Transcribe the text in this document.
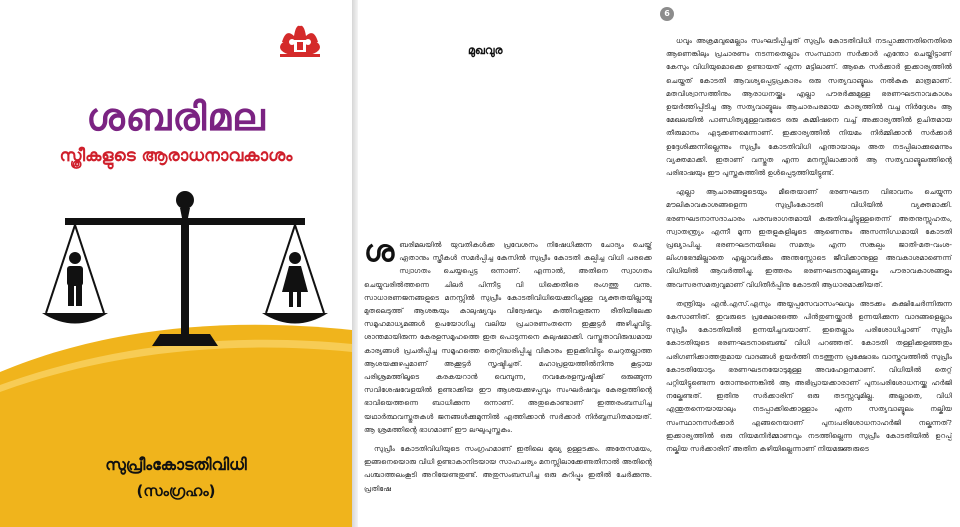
ശബരിമല
സ്ത്രീകളുടെ ആരാധനാവകാശം
സുപ്രീംകോടതിവിധി
(സംഗ്രഹം)
6
മുഖവുര

ശബരിമലയിൽ യുവതികൾക്ക പ്രവേശനം നിഷേധിക്കുന്ന ചോദ്യം ചെയ്ത് ഏതാനും സ്ത്രീകൾ സമർപ്പിച്ച കേസിൽ സുപ്രീം കോടതി കല്പിച്ച വിധി പരക്കെ സ്വാഗതം ചെയ്യപ്പെട്ട ഒന്നാണ്. എന്നാൽ, അതിനെ സ്വാഗതം ചെയ്യുവരിൽത്തന്നെ ചിലർ പിന്നീട്ട വി ധിക്കെതിരെ രംഗത്തു വന്നു. സാധാരണജനങ്ങളുടെ മനസ്സിൽ സുപ്രീം കോടതിവിധിയെക്കുറിച്ചുള്ള വ്യക്തതയില്ലായ്മ മുതലെടുത്ത് ആശങ്കയും കാലുഷ്യവും വിദ്വേഷവും കത്തിവളരുന്ന രീതിയിലേക്ക സമൂഹമാധ്യമങ്ങൾ ഉപയോഗിച്ച വലിയ പ്രചാരണംതന്നെ ഇക്കൂട്ടർ അഴിച്ചുവിട്ടു. ശാന്തമായിരുന്ന കേരളസമൂഹത്തെ ഇത പൊടുന്നനെ കലുഷമാക്കി. വസ്തുതാവിരുദ്ധമായ കാര്യങ്ങൾ പ്രചരിപ്പിച്ച സമൂഹത്തെ തെറ്റിദ്ധരിപ്പിച്ചു വികാരം ഇളക്കിവിട്ടും ചെറുതല്ലാത്ത ആശയക്കുഴപ്പമാണ് അക്കൂട്ടർ സൃഷ്ടിച്ചത്. മഹാപ്രളയത്തിൽനിന്നു കൂട്ടായ പരിശ്രമത്തിലൂടെ കരകയറാൻ വെമ്പുന്ന, നവകേരളസൃഷ്ടിക്ക് ഒരുങ്ങുന്ന സവിശേഷവേളയിൽ ഉണ്ടാക്കിയ ഈ ആശയക്കുഴപ്പവും സംഘർഷവും കേരളത്തിന്റെ ഭാവിയെത്തന്നെ ബാധിക്കുന്ന ഒന്നാണ്. അതുകൊണ്ടാണ് ഇത്തരംബന്ധിച്ച യഥാർത്ഥവസ്തുതകൾ ജനങ്ങൾക്കുമുന്നിൽ എത്തിക്കാൻ സർക്കാർ നിർബ്ബന്ധിതമായത്. ആ ശ്രമത്തിന്റെ ഭാഗമാണ് ഈ ലഘുപുസ്തകം.

സുപ്രീം കോടതിവിധിയുടെ സംഗ്രഹമാണ് ഇതിലെ മുഖ്യ ഉള്ളടക്കം. അതേസമയം, ഇങ്ങനെയൊരു വിധി ഉണ്ടാകാനിടയായ സാഹചര്യം മനസ്സിലാക്കേണ്ടതിനാൽ അതിന്റെ പശ്ചാത്തലംകൂടി അറിയേണ്ടതുണ്ട്. അതുസംബന്ധിച്ച ഒരു കുറിപ്പും ഇതിൽ ചേർക്കുന്നു. പ്രതിഷേ

ധവും അക്രമവുമെല്ലാം സംഘടിപ്പിച്ചത് സുപ്രീം കോടതിവിധി നടപ്പാക്കുന്നതിനെതിരെ ആണെങ്കിലും പ്രചാരണം നടന്നതെല്ലാം സംസ്ഥാന സർക്കാർ എന്തോ ചെയ്തിട്ടാണ് കേസും വിധിയുമൊക്കെ ഉണ്ടായത് എന്ന മട്ടിലാണ്. ആകെ സർക്കാർ ഇക്കാര്യത്തിൽ ചെയ്തത് കോടതി ആവശ്യപ്പെട്ടപ്രകാരം ഒരു സത്യവാങ്മൂലം നൽകുക മാത്രമാണ്. മതവിശ്വാസത്തിനും ആരാധനയ്ക്കും എല്ലാ പൗരർക്കുമുള്ള ഭരണഘടനാവകാശം ഉയർത്തിപ്പിടിച്ച ആ സത്യവാങ്മൂലം ആചാരപരമായ കാര്യത്തിൽ വച്ച നിർദ്ദേശം ആ മേഖലയിൽ പാണ്ഡിത്യമുള്ളവരുടെ ഒരു കമ്മിഷനെ വച്ച് അക്കാര്യത്തിൽ ഉചിതമായ തീരുമാനം എടുക്കണമെന്നാണ്. ഇക്കാര്യത്തിൽ നിയമം നിർമ്മിക്കാൻ സർക്കാർ ഉദ്ദേശിക്കുന്നില്ലെന്നും സുപ്രീം കോടതിവിധി എന്തായാലും അത നടപ്പിലാക്കുമെന്നും വ്യക്തമാക്കി. ഇതാണ് വസ്തുത എന്ന മനസ്സിലാക്കാൻ ആ സത്യവാങ്മൂലത്തിന്റെ പരിഭാഷയും ഈ പുസ്തകത്തിൽ ഉൾപ്പെടുത്തിയിട്ടുണ്ട്.

എല്ലാ ആചാരങ്ങളുടെയും മീതെയാണ് ഭരണഘടന വിഭാവനം ചെയ്യുന്ന മൗലികാവകാശങ്ങളെന്ന സുപ്രീംകോടതി വിധിയിൽ വ്യക്തമാക്കി. ഭരണഘടനാസദാചാരം പരമ്പരാഗതമായി കരുതിവച്ചിട്ടുള്ളതെന്ന് അതനുസ്സുഹതം, സ്വാതന്ത്ര്യം എന്നീ മൂന്ന ഇതളുകളിലൂടെ ആണെന്നും അസന്നിഗ്ധമായി കോടതി പ്രഖ്യാപിച്ചു. ഭരണഘടനയിലെ സമത്വം എന്ന സങ്കല്പം ജാതി-മത-വംശ-ലിംഗഭേദമില്ലാതെ എല്ലാവർക്കും അന്തസ്സോടെ ജീവിക്കാനുള്ള അവകാശമാണെന്ന് വിധിയിൽ ആവർത്തിച്ചു. ഇത്തരം ഭരണഘടനാമൂല്യങ്ങളും പൗരാവകാശങ്ങളും അവസരസമത്വവുമാണ് വിധിതീർപ്പിനു കോടതി ആധാരമാക്കിയത്.

തന്ത്രിയും എൻ.എസ്.എസും അയ്യപ്പസേവാസംഘവും അടക്കം കക്ഷിചേർന്നിരുന്ന കേസാണിത്. ഇവരുടെ പ്രക്ഷോഭത്തെ പിൻതുണയ്ക്കാൻ ഉന്നയിക്കുന്ന വാദങ്ങളെല്ലാം സുപ്രീം കോടതിയിൽ ഉന്നയിച്ചവയാണ്. ഇതെല്ലാം പരിശോധിച്ചാണ് സുപ്രീം കോടതിയുടെ ഭരണഘടനാബെഞ്ച് വിധി പറഞ്ഞത്. കോടതി തള്ളിക്കളഞ്ഞതും പരിഗണിക്കാത്തതുമായ വാദങ്ങൾ ഉയർത്തി നടത്തുന്ന പ്രക്ഷോഭം വാസ്തവത്തിൽ സുപ്രീം കോടതിയോടും ഭരണഘടനയോടുമുള്ള അവഹേളനമാണ്. വിധിയിൽ തെറ്റ് പറ്റിയിട്ടുണ്ടെന്ന തോന്നുന്നെങ്കിൽ ആ അഭിപ്രായക്കാരാണ് പുനഃപരിശോധനയ്ക്ക ഹർജി നല്കേണ്ടത്. ഇതിനു സർക്കാരിന് ഒരു തടസ്സവുമില്ല. അല്ലാതെ, വിധി എന്തുതന്നെയായാലും നടപ്പാക്കിക്കൊള്ളാം എന്ന സത്യവാങ്മൂലം നല്കിയ സംസ്ഥാനസർക്കാർ എങ്ങനെയാണ് പുനഃപരിശോധനാഹർജി നല്കുന്നത്? ഇക്കാര്യത്തിൽ ഒരു നിയമനിർമ്മാണവും നടത്തില്ലെന്ന സുപ്രീം കോടതിയിൽ ഉറപ്പ് നല്കിയ സർക്കാരിന് അതിന കഴിയില്ലെന്നാണ് നിയമജ്ഞരുടെ
